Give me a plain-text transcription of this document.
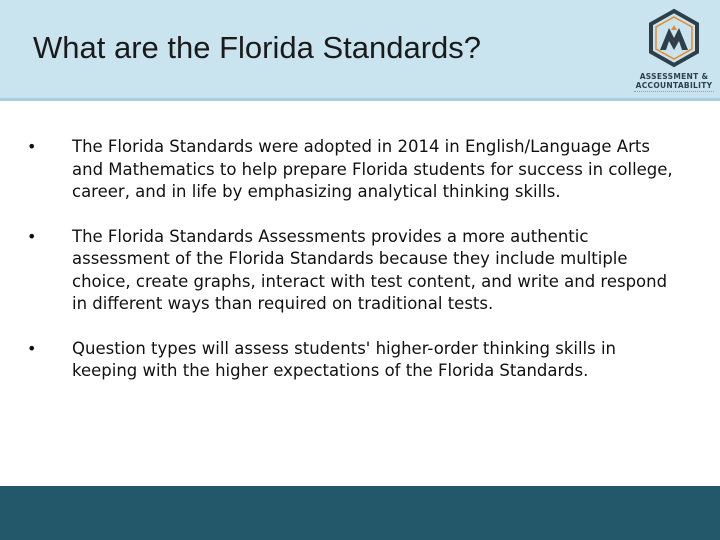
What are the Florida Standards?
ASSESSMENT &
ACCOUNTABILITY
• The Florida Standards were adopted in 2014 in English/Language Arts and Mathematics to help prepare Florida students for success in college, career, and in life by emphasizing analytical thinking skills.
• The Florida Standards Assessments provides a more authentic assessment of the Florida Standards because they include multiple choice, create graphs, interact with test content, and write and respond in different ways than required on traditional tests.
• Question types will assess students' higher-order thinking skills in keeping with the higher expectations of the Florida Standards.
